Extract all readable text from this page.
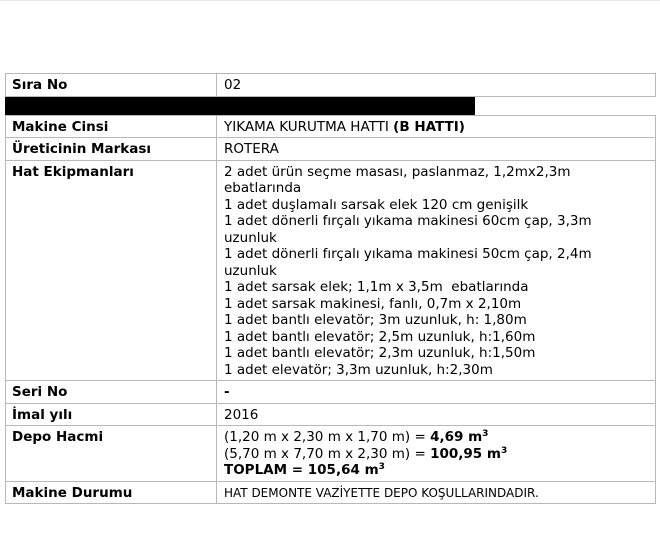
Sıra No	02
Makine Cinsi	YIKAMA KURUTMA HATTI (B HATTI)
Üreticinin Markası	ROTERA
Hat Ekipmanları	2 adet ürün seçme masası, paslanmaz, 1,2mx2,3m ebatlarında
1 adet duşlamalı sarsak elek 120 cm genişilk
1 adet dönerli fırçalı yıkama makinesi 60cm çap, 3,3m uzunluk
1 adet dönerli fırçalı yıkama makinesi 50cm çap, 2,4m uzunluk
1 adet sarsak elek; 1,1m x 3,5m  ebatlarında
1 adet sarsak makinesi, fanlı, 0,7m x 2,10m
1 adet bantlı elevatör; 3m uzunluk, h: 1,80m
1 adet bantlı elevatör; 2,5m uzunluk, h:1,60m
1 adet bantlı elevatör; 2,3m uzunluk, h:1,50m
1 adet elevatör; 3,3m uzunluk, h:2,30m
Seri No	-
İmal yılı	2016
Depo Hacmi	(1,20 m x 2,30 m x 1,70 m) = 4,69 $m^3$
(5,70 m x 7,70 m x 2,30 m) = 100,95 $m^3$
TOPLAM = 105,64 $m^3$
Makine Durumu	HAT DEMONTE VAZİYETTE DEPO KOŞULLARINDADIR.
